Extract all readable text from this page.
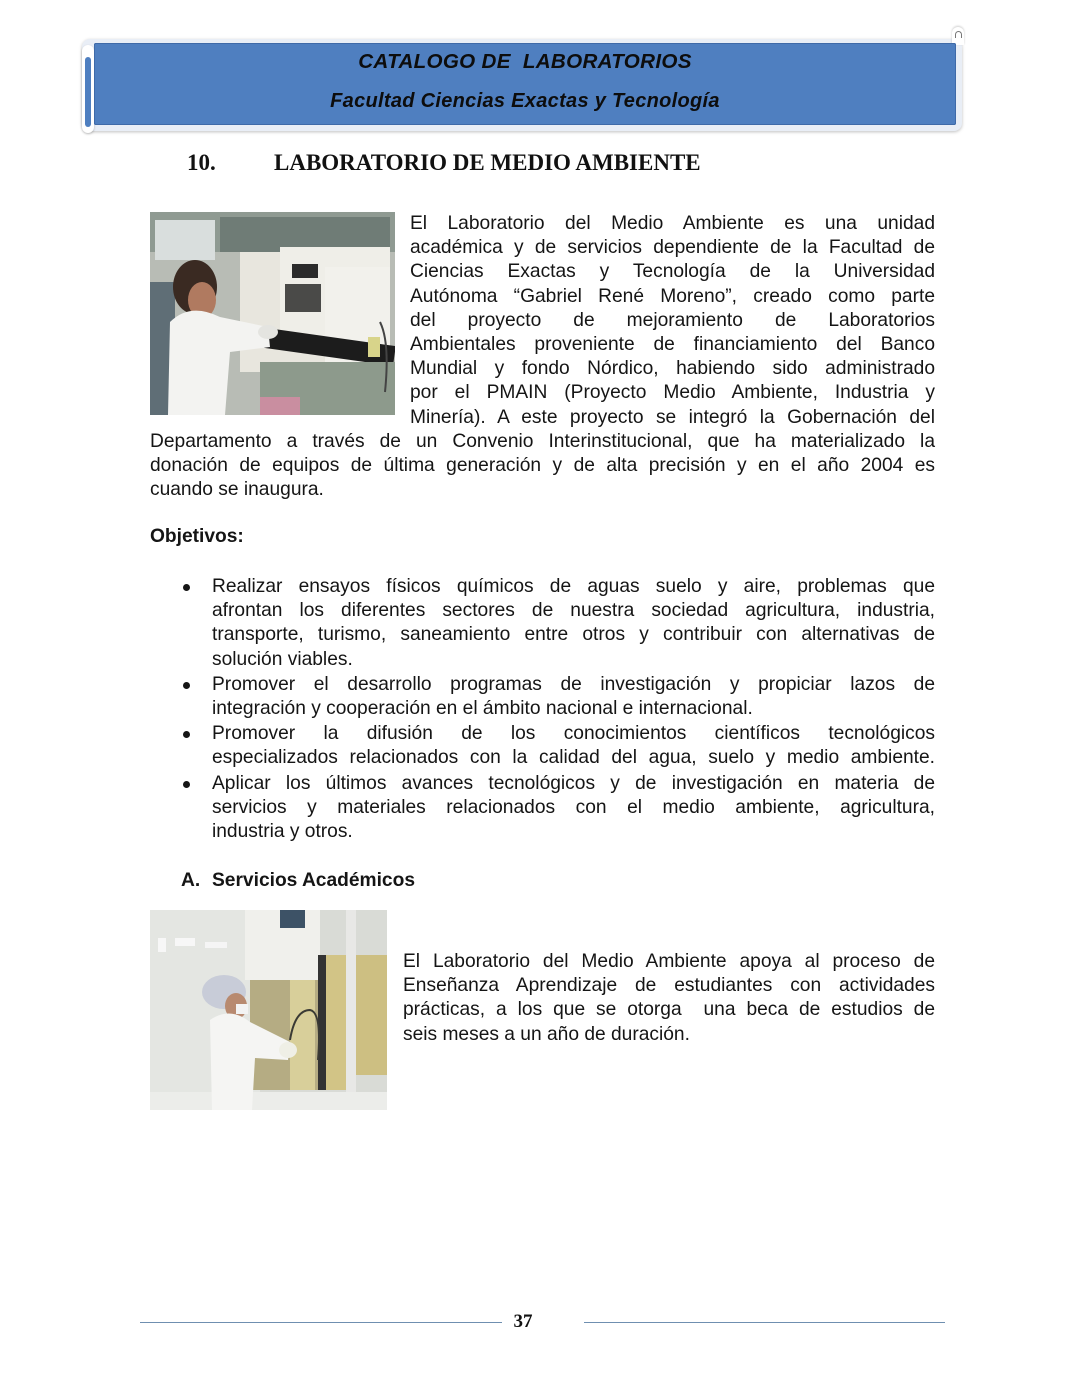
CATALOGO DE  LABORATORIOS
Facultad Ciencias Exactas y Tecnología
10.	LABORATORIO DE MEDIO AMBIENTE
El Laboratorio del Medio Ambiente es una unidad
académica y de servicios dependiente de la Facultad de
Ciencias Exactas y Tecnología de la Universidad
Autónoma “Gabriel René Moreno”, creado como parte
del proyecto de mejoramiento de Laboratorios
Ambientales proveniente de financiamiento del Banco
Mundial y fondo Nórdico, habiendo sido administrado
por el PMAIN (Proyecto Medio Ambiente, Industria y
Minería). A este proyecto se integró la Gobernación del
Departamento a través de un Convenio Interinstitucional, que ha materializado la
donación de equipos de última generación y de alta precisión y en el año 2004 es
cuando se inaugura.
Objetivos:
Realizar ensayos físicos químicos de aguas suelo y aire, problemas que
afrontan los diferentes sectores de nuestra sociedad agricultura, industria,
transporte, turismo, saneamiento entre otros y contribuir con alternativas de
solución viables.
Promover el desarrollo programas de investigación y propiciar lazos de
integración y cooperación en el ámbito nacional e internacional.
Promover la difusión de los conocimientos científicos tecnológicos
especializados relacionados con la calidad del agua, suelo y medio ambiente.
Aplicar los últimos avances tecnológicos y de investigación en materia de
servicios y materiales relacionados con el medio ambiente, agricultura,
industria y otros.
A. Servicios Académicos
El Laboratorio del Medio Ambiente apoya al proceso de
Enseñanza Aprendizaje de estudiantes con actividades
prácticas, a los que se otorga  una beca de estudios de
seis meses a un año de duración.
37
